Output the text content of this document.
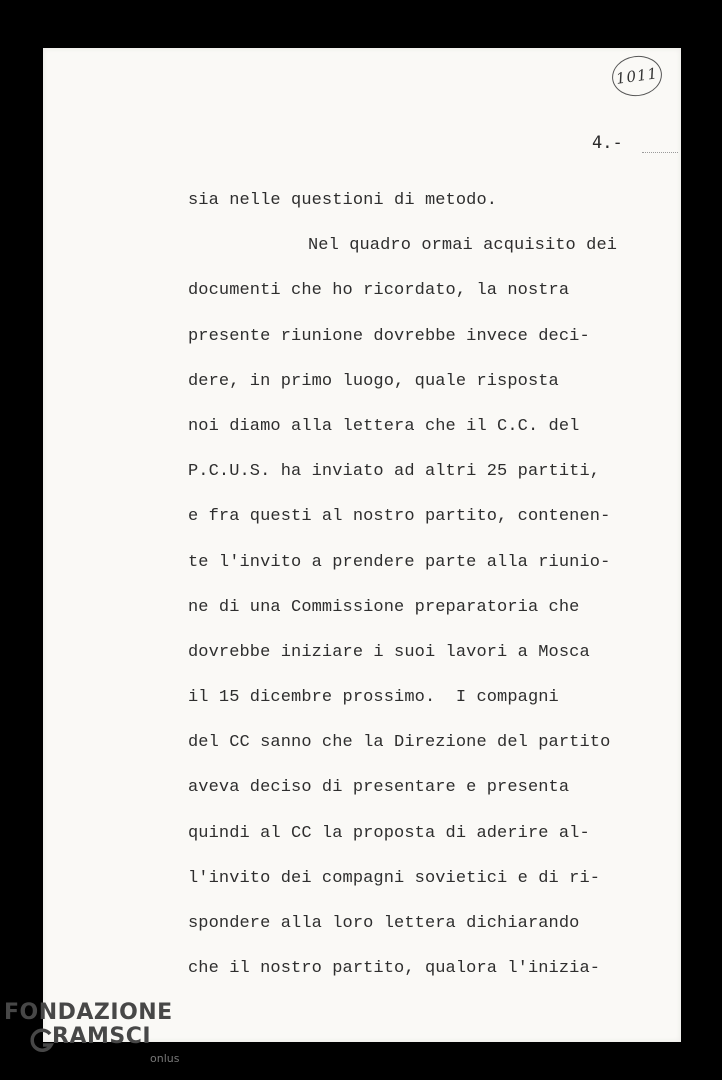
1011
4.-
sia nelle questioni di metodo.
Nel quadro ormai acquisito dei
documenti che ho ricordato, la nostra
presente riunione dovrebbe invece deci-
dere, in primo luogo, quale risposta
noi diamo alla lettera che il C.C. del
P.C.U.S. ha inviato ad altri 25 partiti,
e fra questi al nostro partito, contenen-
te l'invito a prendere parte alla riunio-
ne di una Commissione preparatoria che
dovrebbe iniziare i suoi lavori a Mosca
il 15 dicembre prossimo.  I compagni
del CC sanno che la Direzione del partito
aveva deciso di presentare e presenta
quindi al CC la proposta di aderire al-
l'invito dei compagni sovietici e di ri-
spondere alla loro lettera dichiarando
che il nostro partito, qualora l'inizia-
FONDAZIONE
RAMSCI
onlus
